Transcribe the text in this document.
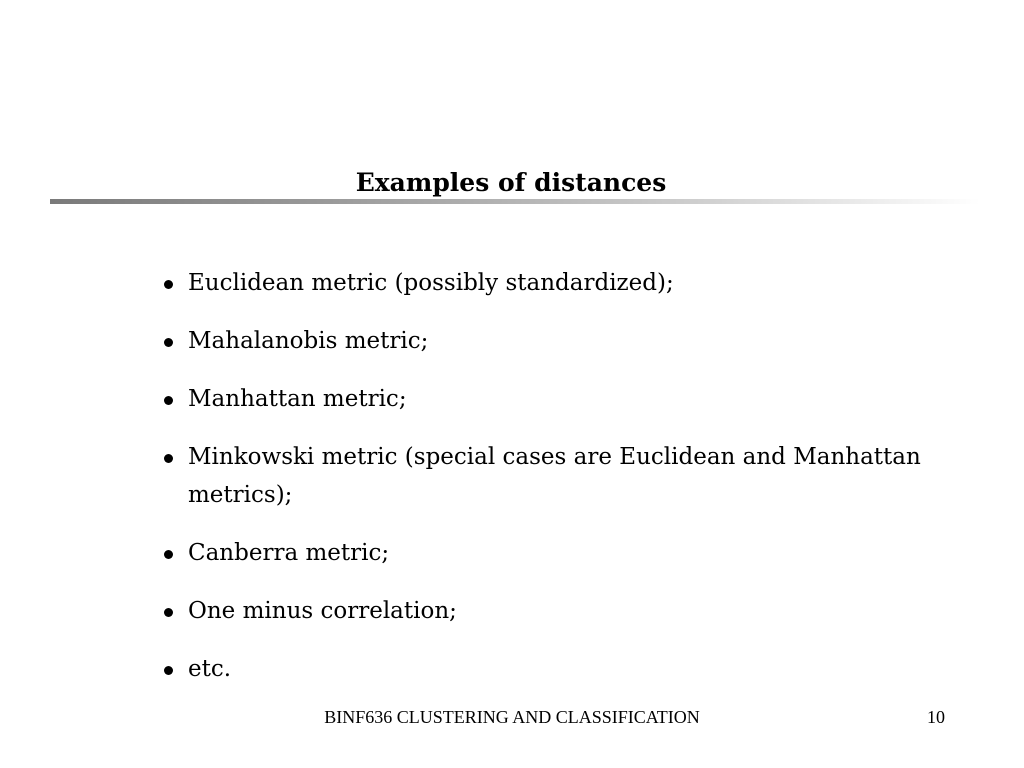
Examples of distances
Euclidean metric (possibly standardized);
Mahalanobis metric;
Manhattan metric;
Minkowski metric (special cases are Euclidean and Manhattan metrics);
Canberra metric;
One minus correlation;
etc.
BINF636 CLUSTERING AND CLASSIFICATION	10
